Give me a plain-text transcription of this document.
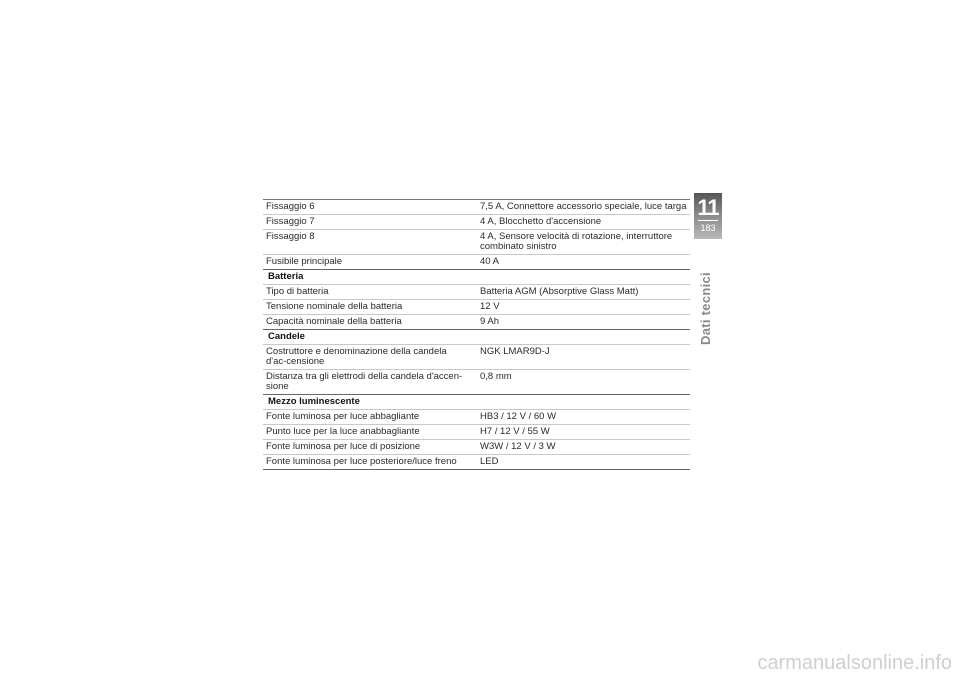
Fissaggio 6	7,5 A, Connettore accessorio speciale, luce targa
Fissaggio 7	4 A, Blocchetto d'accensione
Fissaggio 8	4 A, Sensore velocità di rotazione, interruttore combinato sinistro
Fusibile principale	40 A
Batteria	
Tipo di batteria	Batteria AGM (Absorptive Glass Matt)
Tensione nominale della batteria	12 V
Capacità nominale della batteria	9 Ah
Candele	
Costruttore e denominazione della candela d'ac-censione	NGK LMAR9D-J
Distanza tra gli elettrodi della candela d'accen-sione	0,8 mm
Mezzo luminescente	
Fonte luminosa per luce abbagliante	HB3 / 12 V / 60 W
Punto luce per la luce anabbagliante	H7 / 12 V / 55 W
Fonte luminosa per luce di posizione	W3W / 12 V / 3 W
Fonte luminosa per luce posteriore/luce freno	LED
11
183
Dati tecnici
carmanualsonline.info
